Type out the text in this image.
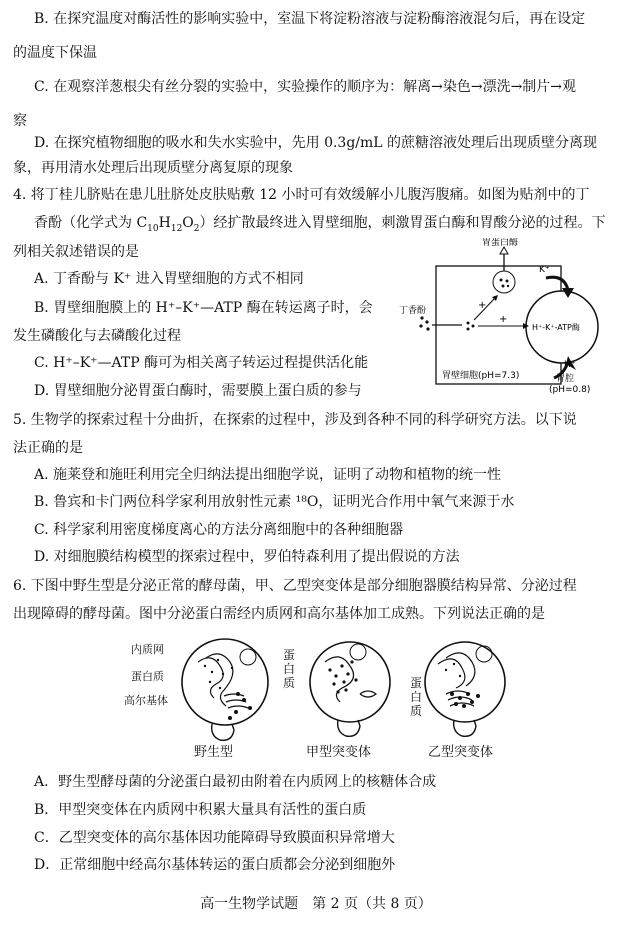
B. 在探究温度对酶活性的影响实验中，室温下将淀粉溶液与淀粉酶溶液混匀后，再在设定
的温度下保温
C. 在观察洋葱根尖有丝分裂的实验中，实验操作的顺序为：解离→染色→漂洗→制片→观
察
D. 在探究植物细胞的吸水和失水实验中，先用 0.3g/mL 的蔗糖溶液处理后出现质壁分离现
象，再用清水处理后出现质壁分离复原的现象
4. 将丁桂儿脐贴在患儿肚脐处皮肤贴敷 12 小时可有效缓解小儿腹泻腹痛。如图为贴剂中的丁
香酚（化学式为 $C_{10}H_{12}O_2$）经扩散最终进入胃壁细胞，刺激胃蛋白酶和胃酸分泌的过程。下
列相关叙述错误的是
A. 丁香酚与 K⁺ 进入胃壁细胞的方式不相同
B. 胃壁细胞膜上的 H⁺–K⁺—ATP 酶在转运离子时，会
发生磷酸化与去磷酸化过程
C. H⁺–K⁺—ATP 酶可为相关离子转运过程提供活化能
D. 胃壁细胞分泌胃蛋白酶时，需要膜上蛋白质的参与
胃蛋白酶
K⁺
丁香酚	+
+
H⁺-K⁺-ATP酶
胃壁细胞(pH=7.3)
H⁺
胃腔
(pH=0.8)
5. 生物学的探索过程十分曲折，在探索的过程中，涉及到各种不同的科学研究方法。以下说
法正确的是
A. 施莱登和施旺利用完全归纳法提出细胞学说，证明了动物和植物的统一性
B. 鲁宾和卡门两位科学家利用放射性元素 ¹⁸O，证明光合作用中氧气来源于水
C. 科学家利用密度梯度离心的方法分离细胞中的各种细胞器
D. 对细胞膜结构模型的探索过程中，罗伯特森利用了提出假说的方法
6. 下图中野生型是分泌正常的酵母菌，甲、乙型突变体是部分细胞器膜结构异常、分泌过程
出现障碍的酵母菌。图中分泌蛋白需经内质网和高尔基体加工成熟。下列说法正确的是
内质网
蛋白质
高尔基体
蛋
白
质	蛋
白
质
野生型	甲型突变体	乙型突变体
A．野生型酵母菌的分泌蛋白最初由附着在内质网上的核糖体合成
B．甲型突变体在内质网中积累大量具有活性的蛋白质
C．乙型突变体的高尔基体因功能障碍导致膜面积异常增大
D．正常细胞中经高尔基体转运的蛋白质都会分泌到细胞外
高一生物学试题　第 2 页（共 8 页）
